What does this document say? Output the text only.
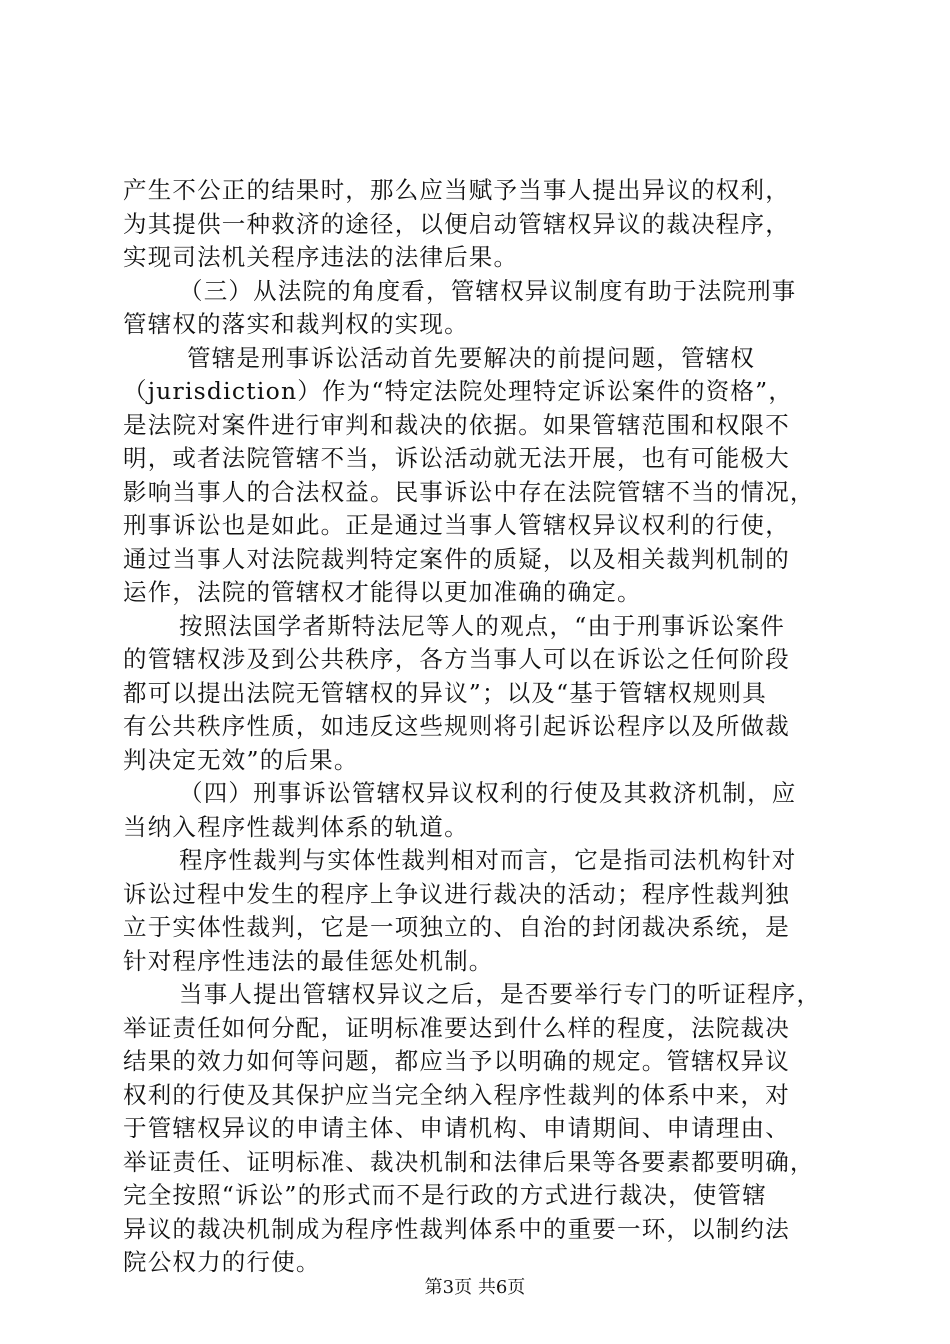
产生不公正的结果时，那么应当赋予当事人提出异议的权利，
为其提供一种救济的途径，以便启动管辖权异议的裁决程序，
实现司法机关程序违法的法律后果。
（三）从法院的角度看，管辖权异议制度有助于法院刑事
管辖权的落实和裁判权的实现。
管辖是刑事诉讼活动首先要解决的前提问题，管辖权
（jurisdiction）作为“特定法院处理特定诉讼案件的资格”，
是法院对案件进行审判和裁决的依据。如果管辖范围和权限不
明，或者法院管辖不当，诉讼活动就无法开展，也有可能极大
影响当事人的合法权益。民事诉讼中存在法院管辖不当的情况，
刑事诉讼也是如此。正是通过当事人管辖权异议权利的行使，
通过当事人对法院裁判特定案件的质疑，以及相关裁判机制的
运作，法院的管辖权才能得以更加准确的确定。
按照法国学者斯特法尼等人的观点，“由于刑事诉讼案件
的管辖权涉及到公共秩序，各方当事人可以在诉讼之任何阶段
都可以提出法院无管辖权的异议”；以及“基于管辖权规则具
有公共秩序性质，如违反这些规则将引起诉讼程序以及所做裁
判决定无效”的后果。
（四）刑事诉讼管辖权异议权利的行使及其救济机制，应
当纳入程序性裁判体系的轨道。
程序性裁判与实体性裁判相对而言，它是指司法机构针对
诉讼过程中发生的程序上争议进行裁决的活动；程序性裁判独
立于实体性裁判，它是一项独立的、自治的封闭裁决系统，是
针对程序性违法的最佳惩处机制。
当事人提出管辖权异议之后，是否要举行专门的听证程序，
举证责任如何分配，证明标准要达到什么样的程度，法院裁决
结果的效力如何等问题，都应当予以明确的规定。管辖权异议
权利的行使及其保护应当完全纳入程序性裁判的体系中来，对
于管辖权异议的申请主体、申请机构、申请期间、申请理由、
举证责任、证明标准、裁决机制和法律后果等各要素都要明确，
完全按照“诉讼”的形式而不是行政的方式进行裁决，使管辖
异议的裁决机制成为程序性裁判体系中的重要一环，以制约法
院公权力的行使。
第3页 共6页
